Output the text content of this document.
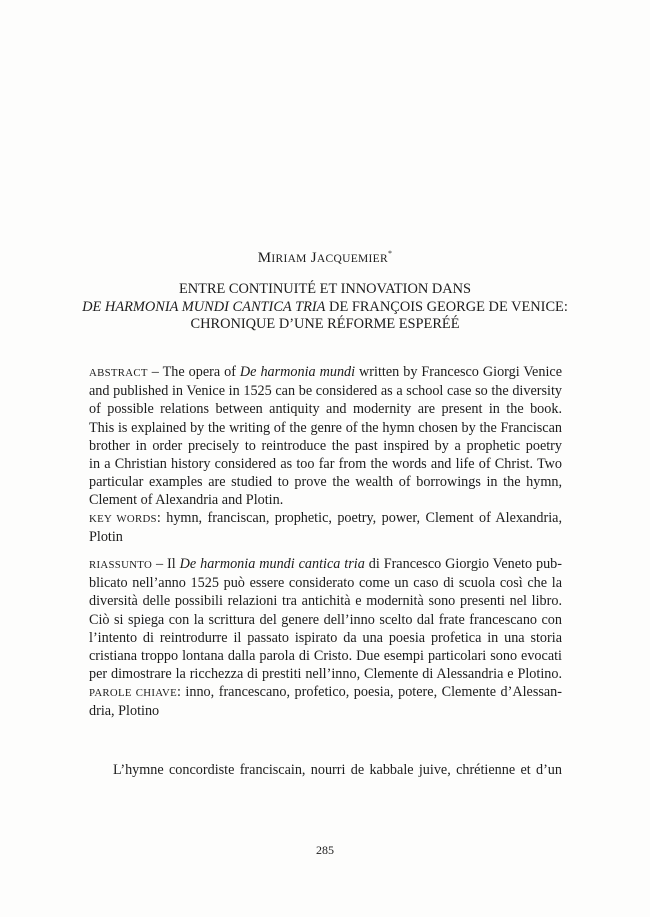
MIRIAM JACQUEMIER*
ENTRE CONTINUITÉ ET INNOVATION DANS
DE HARMONIA MUNDI CANTICA TRIA DE FRANÇOIS GEORGE DE VENICE:
CHRONIQUE D’UNE RÉFORME ESPERÉÉ
ABSTRACT – The opera of De harmonia mundi written by Francesco Giorgi Venice
and published in Venice in 1525 can be considered as a school case so the diversity
of possible relations between antiquity and modernity are present in the book.
This is explained by the writing of the genre of the hymn chosen by the Franciscan
brother in order precisely to reintroduce the past inspired by a prophetic poetry
in a Christian history considered as too far from the words and life of Christ. Two
particular examples are studied to prove the wealth of borrowings in the hymn,
Clement of Alexandria and Plotin.
KEY WORDS: hymn, franciscan, prophetic, poetry, power, Clement of Alexandria,
Plotin
RIASSUNTO – Il De harmonia mundi cantica tria di Francesco Giorgio Veneto pub-
blicato nell’anno 1525 può essere considerato come un caso di scuola così che la
diversità delle possibili relazioni tra antichità e modernità sono presenti nel libro.
Ciò si spiega con la scrittura del genere dell’inno scelto dal frate francescano con
l’intento di reintrodurre il passato ispirato da una poesia profetica in una storia
cristiana troppo lontana dalla parola di Cristo. Due esempi particolari sono evocati
per dimostrare la ricchezza di prestiti nell’inno, Clemente di Alessandria e Plotino.
PAROLE CHIAVE: inno, francescano, profetico, poesia, potere, Clemente d’Alessan-
dria, Plotino
L’hymne concordiste franciscain, nourri de kabbale juive, chrétienne et d’un
285
